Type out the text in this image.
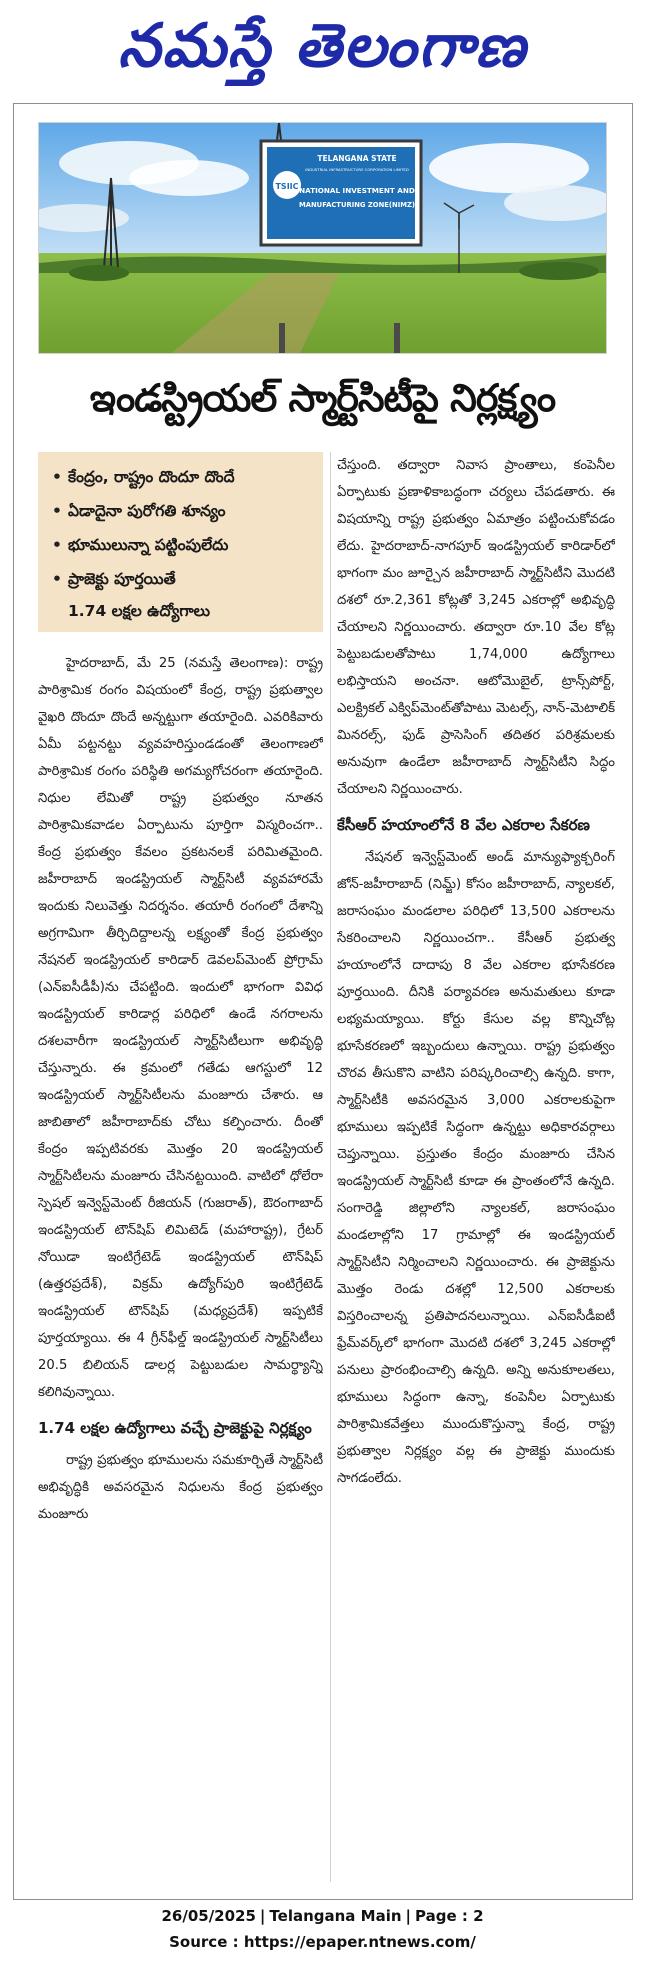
నమస్తే తెలంగాణ
TSIIC
TELANGANA STATE
INDUSTRIAL INFRASTRUCTURE CORPORATION LIMITED
NATIONAL INVESTMENT AND
MANUFACTURING ZONE(NIMZ)
ఇండస్ట్రియల్ స్మార్ట్‌సిటీపై నిర్లక్ష్యం
• కేంద్రం, రాష్ట్రం దొందూ దొందే
• ఏడాదైనా పురోగతి శూన్యం
• భూములున్నా పట్టింపులేదు
• ప్రాజెక్టు పూర్తయితే
1.74 లక్షల ఉద్యోగాలు

హైదరాబాద్, మే 25 (నమస్తే తెలంగాణ): రాష్ట్ర పారిశ్రామిక రంగం విషయంలో కేంద్ర, రాష్ట్ర ప్రభుత్వాల వైఖరి దొందూ దొందే అన్నట్టుగా తయారైంది. ఎవరికివారు ఏమీ పట్టనట్టు వ్యవహరిస్తుండడంతో తెలంగాణలో పారిశ్రామిక రంగం పరిస్థితి అగమ్యగోచరంగా తయారైంది. నిధుల లేమితో రాష్ట్ర ప్రభుత్వం నూతన పారిశ్రామికవాడల ఏర్పాటును పూర్తిగా విస్మరించగా.. కేంద్ర ప్రభుత్వం కేవలం ప్రకటనలకే పరిమితమైంది. జహీరాబాద్ ఇండస్ట్రియల్ స్మార్ట్‌సిటీ వ్యవహారమే ఇందుకు నిలువెత్తు నిదర్శనం. తయారీ రంగంలో దేశాన్ని అగ్రగామిగా తీర్చిదిద్దాలన్న లక్ష్యంతో కేంద్ర ప్రభుత్వం నేషనల్ ఇండస్ట్రియల్ కారిడార్ డెవలప్‌మెంట్ ప్రోగ్రామ్ (ఎన్‌ఐసీడీపీ)ను చేపట్టింది. ఇందులో భాగంగా వివిధ ఇండస్ట్రియల్ కారిడార్ల పరిధిలో ఉండే నగరాలను దశలవారీగా ఇండస్ట్రియల్ స్మార్ట్‌సిటీలుగా అభివృద్ధి చేస్తున్నారు. ఈ క్రమంలో గతేడు ఆగస్టులో 12 ఇండస్ట్రియల్ స్మార్ట్‌సిటీలను మంజూరు చేశారు. ఆ జాబితాలో జహీరాబాద్‌కు చోటు కల్పించారు. దీంతో కేంద్రం ఇప్పటివరకు మొత్తం 20 ఇండస్ట్రియల్ స్మార్ట్‌సిటీలను మంజూరు చేసినట్టయింది. వాటిలో ధోలేరా స్పెషల్ ఇన్వెస్ట్‌మెంట్ రీజియన్ (గుజరాత్), ఔరంగాబాద్ ఇండస్ట్రియల్ టౌన్‌షిప్ లిమిటెడ్ (మహారాష్ట్ర), గ్రేటర్ నోయిడా ఇంటిగ్రేటెడ్ ఇండస్ట్రియల్ టౌన్‌షిప్ (ఉత్తరప్రదేశ్), విక్రమ్ ఉద్యోగ్‌పురి ఇంటిగ్రేటెడ్ ఇండస్ట్రియల్ టౌన్‌షిప్ (మధ్యప్రదేశ్) ఇప్పటికే పూర్తయ్యాయి. ఈ 4 గ్రీన్‌ఫీల్డ్ ఇండస్ట్రియల్ స్మార్ట్‌సిటీలు 20.5 బిలియన్ డాలర్ల పెట్టుబడుల సామర్థ్యాన్ని కలిగివున్నాయి.

1.74 లక్షల ఉద్యోగాలు వచ్చే ప్రాజెక్టుపై నిర్లక్ష్యం

రాష్ట్ర ప్రభుత్వం భూములను సమకూర్చితే స్మార్ట్‌సిటీ అభివృద్ధికి అవసరమైన నిధులను కేంద్ర ప్రభుత్వం మంజూరు

చేస్తుంది. తద్వారా నివాస ప్రాంతాలు, కంపెనీల ఏర్పాటుకు ప్రణాళికాబద్ధంగా చర్యలు చేపడతారు. ఈ విషయాన్ని రాష్ట్ర ప్రభుత్వం ఏమాత్రం పట్టించుకోవడం లేదు. హైదరాబాద్-నాగపూర్ ఇండస్ట్రియల్ కారిడార్‌లో భాగంగా మం జూర్చైన జహీరాబాద్ స్మార్ట్‌సిటీని మొదటి దశలో రూ.2,361 కోట్లతో 3,245 ఎకరాల్లో అభివృద్ధి చేయాలని నిర్ణయించారు. తద్వారా రూ.10 వేల కోట్ల పెట్టుబడులతోపాటు 1,74,000 ఉద్యోగాలు లభిస్తాయని అంచనా. ఆటోమొబైల్, ట్రాన్స్‌పోర్ట్, ఎలక్ట్రికల్ ఎక్విప్‌మెంట్‌తోపాటు మెటల్స్, నాన్-మెటాలిక్ మినరల్స్, ఫుడ్ ప్రాసెసింగ్ తదితర పరిశ్రమలకు అనువుగా ఉండేలా జహీరాబాద్ స్మార్ట్‌సిటీని సిద్ధం చేయాలని నిర్ణయించారు.

కేసీఆర్ హయాంలోనే 8 వేల ఎకరాల సేకరణ

నేషనల్ ఇన్వెస్ట్‌మెంట్ అండ్ మాన్యుఫ్యాక్చరింగ్ జోన్-జహీరాబాద్ (నిమ్జ్) కోసం జహీరాబాద్, న్యాలకల్, జరాసంఘం మండలాల పరిధిలో 13,500 ఎకరాలను సేకరించాలని నిర్ణయించగా.. కేసీఆర్ ప్రభుత్వ హయాంలోనే దాదాపు 8 వేల ఎకరాల భూసేకరణ పూర్తయింది. దీనికి పర్యావరణ అనుమతులు కూడా లభ్యమయ్యాయి. కోర్టు కేసుల వల్ల కొన్నిచోట్ల భూసేకరణలో ఇబ్బందులు ఉన్నాయి. రాష్ట్ర ప్రభుత్వం చొరవ తీసుకొని వాటిని పరిష్కరించాల్సి ఉన్నది. కాగా, స్మార్ట్‌సిటీకి అవసరమైన 3,000 ఎకరాలకుపైగా భూములు ఇప్పటికే సిద్ధంగా ఉన్నట్టు అధికారవర్గాలు చెప్తున్నాయి. ప్రస్తుతం కేంద్రం మంజూరు చేసిన ఇండస్ట్రియల్ స్మార్ట్‌సిటీ కూడా ఈ ప్రాంతంలోనే ఉన్నది. సంగారెడ్డి జిల్లాలోని న్యాలకల్, జరాసంఘం మండలాల్లోని 17 గ్రామాల్లో ఈ ఇండస్ట్రియల్ స్మార్ట్‌సిటీని నిర్మించాలని నిర్ణయించారు. ఈ ప్రాజెక్టును మొత్తం రెండు దశల్లో 12,500 ఎకరాలకు విస్తరించాలన్న ప్రతిపాదనలున్నాయి. ఎన్‌ఐసీడీఐటీ ఫ్రేమ్‌వర్క్‌లో భాగంగా మొదటి దశలో 3,245 ఎకరాల్లో పనులు ప్రారంభించాల్సి ఉన్నది. అన్ని అనుకూలతలు, భూములు సిద్ధంగా ఉన్నా, కంపెనీల ఏర్పాటుకు పారిశ్రామికవేత్తలు ముందుకొస్తున్నా కేంద్ర, రాష్ట్ర ప్రభుత్వాల నిర్లక్ష్యం వల్ల ఈ ప్రాజెక్టు ముందుకు సాగడంలేదు.

26/05/2025 | Telangana Main | Page : 2
Source : https://epaper.ntnews.com/
